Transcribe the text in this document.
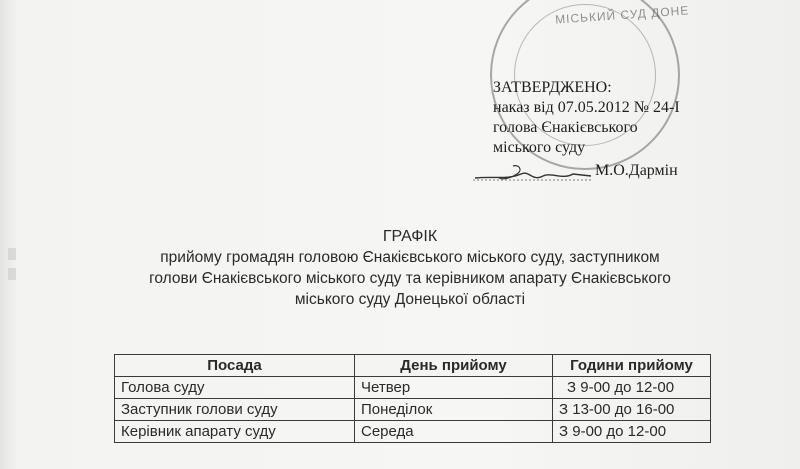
МІСЬКИЙ СУД ДОНЕ
ЗАТВЕРДЖЕНО:
наказ від 07.05.2012 № 24-І
голова Єнакієвського
міського суду
М.О.Дармін
ГРАФІК
прийому громадян головою Єнакієвського міського суду, заступником
голови Єнакієвського міського суду та керівником апарату Єнакієвського
міського суду Донецької області
Посада	День прийому	Години прийому
Голова суду	Четвер	З 9-00 до 12-00
Заступник голови суду	Понеділок	З 13-00 до 16-00
Керівник апарату суду	Середа	З 9-00 до 12-00
